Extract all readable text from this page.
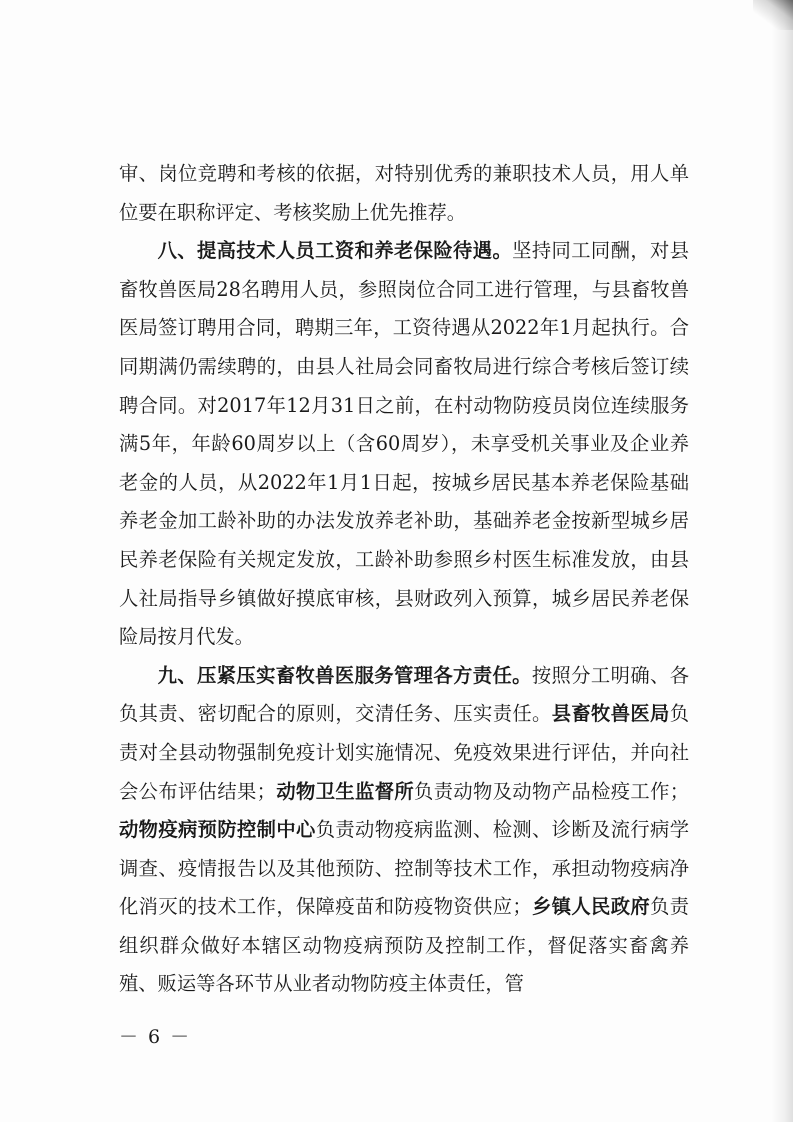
审、岗位竞聘和考核的依据，对特别优秀的兼职技术人员，用人单位要在职称评定、考核奖励上优先推荐。

八、提高技术人员工资和养老保险待遇。坚持同工同酬，对县畜牧兽医局28名聘用人员，参照岗位合同工进行管理，与县畜牧兽医局签订聘用合同，聘期三年，工资待遇从2022年1月起执行。合同期满仍需续聘的，由县人社局会同畜牧局进行综合考核后签订续聘合同。对2017年12月31日之前，在村动物防疫员岗位连续服务满5年，年龄60周岁以上（含60周岁），未享受机关事业及企业养老金的人员，从2022年1月1日起，按城乡居民基本养老保险基础养老金加工龄补助的办法发放养老补助，基础养老金按新型城乡居民养老保险有关规定发放，工龄补助参照乡村医生标准发放，由县人社局指导乡镇做好摸底审核，县财政列入预算，城乡居民养老保险局按月代发。

九、压紧压实畜牧兽医服务管理各方责任。按照分工明确、各负其责、密切配合的原则，交清任务、压实责任。县畜牧兽医局负责对全县动物强制免疫计划实施情况、免疫效果进行评估，并向社会公布评估结果；动物卫生监督所负责动物及动物产品检疫工作；动物疫病预防控制中心负责动物疫病监测、检测、诊断及流行病学调查、疫情报告以及其他预防、控制等技术工作，承担动物疫病净化消灭的技术工作，保障疫苗和防疫物资供应；乡镇人民政府负责组织群众做好本辖区动物疫病预防及控制工作，督促落实畜禽养殖、贩运等各环节从业者动物防疫主体责任，管

－ 6 －
